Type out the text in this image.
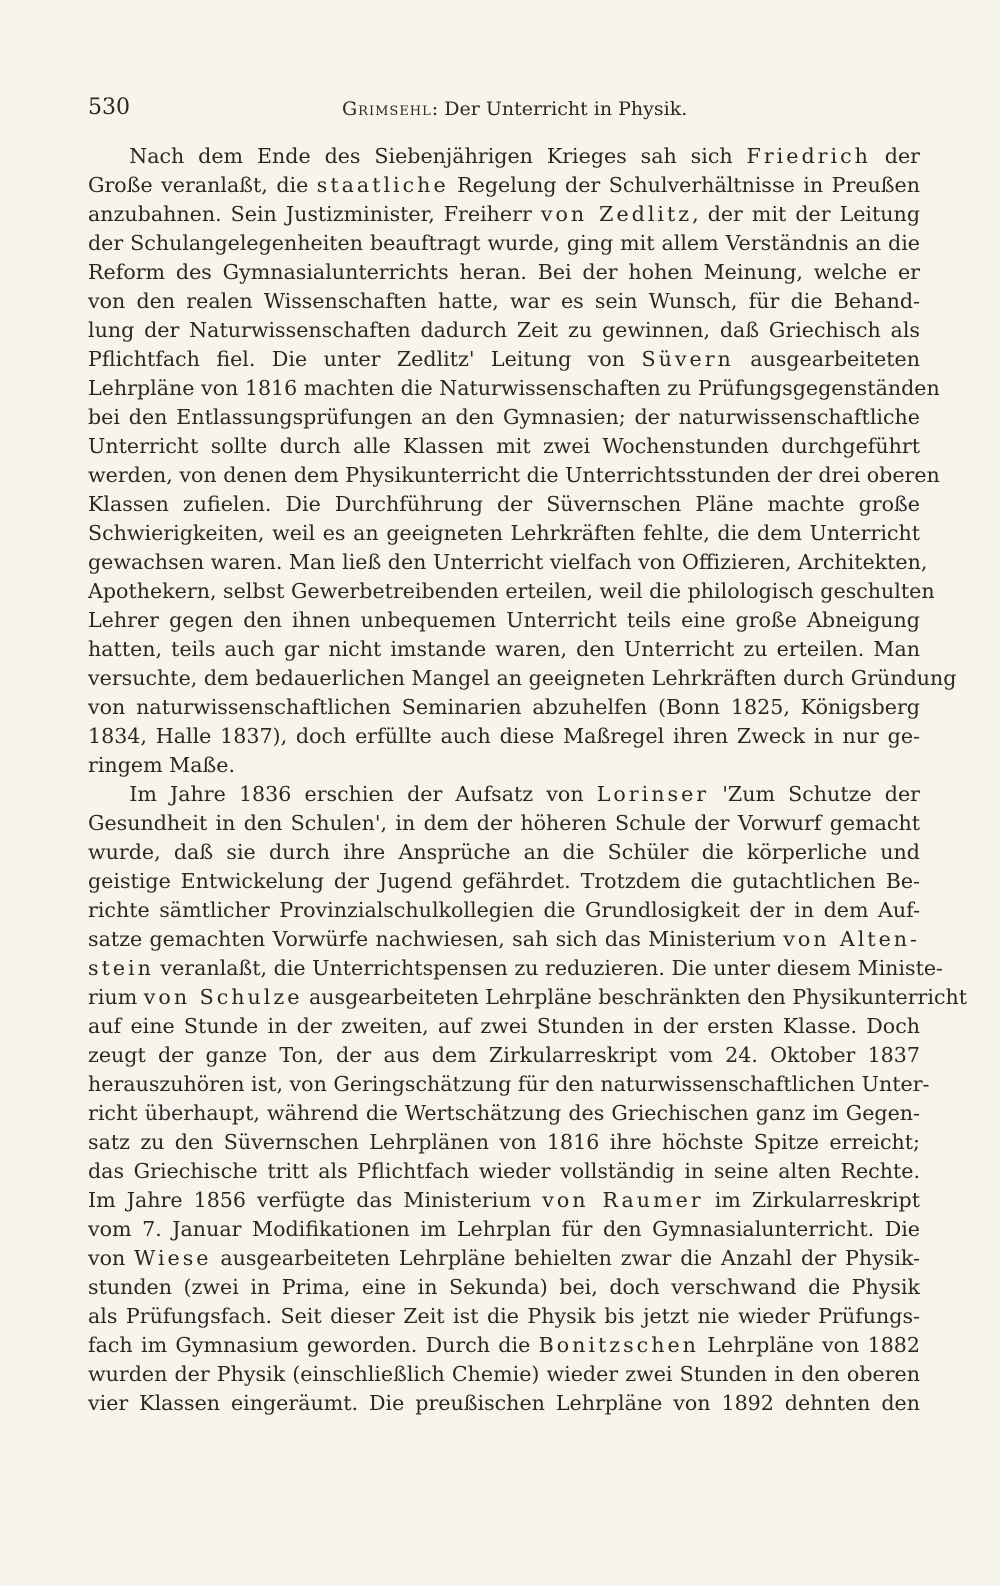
530	Grimsehl: Der Unterricht in Physik.
  Nach dem Ende des Siebenjährigen Krieges sah sich Friedrich der
Große veranlaßt, die staatliche Regelung der Schulverhältnisse in Preußen
anzubahnen. Sein Justizminister, Freiherr von Zedlitz, der mit der Leitung
der Schulangelegenheiten beauftragt wurde, ging mit allem Verständnis an die
Reform des Gymnasialunterrichts heran. Bei der hohen Meinung, welche er
von den realen Wissenschaften hatte, war es sein Wunsch, für die Behand-
lung der Naturwissenschaften dadurch Zeit zu gewinnen, daß Griechisch als
Pflichtfach fiel. Die unter Zedlitz' Leitung von Süvern ausgearbeiteten
Lehrpläne von 1816 machten die Naturwissenschaften zu Prüfungsgegenständen
bei den Entlassungsprüfungen an den Gymnasien; der naturwissenschaftliche
Unterricht sollte durch alle Klassen mit zwei Wochenstunden durchgeführt
werden, von denen dem Physikunterricht die Unterrichtsstunden der drei oberen
Klassen zufielen. Die Durchführung der Süvernschen Pläne machte große
Schwierigkeiten, weil es an geeigneten Lehrkräften fehlte, die dem Unterricht
gewachsen waren. Man ließ den Unterricht vielfach von Offizieren, Architekten,
Apothekern, selbst Gewerbetreibenden erteilen, weil die philologisch geschulten
Lehrer gegen den ihnen unbequemen Unterricht teils eine große Abneigung
hatten, teils auch gar nicht imstande waren, den Unterricht zu erteilen. Man
versuchte, dem bedauerlichen Mangel an geeigneten Lehrkräften durch Gründung
von naturwissenschaftlichen Seminarien abzuhelfen (Bonn 1825, Königsberg
1834, Halle 1837), doch erfüllte auch diese Maßregel ihren Zweck in nur ge-
ringem Maße.
  Im Jahre 1836 erschien der Aufsatz von Lorinser 'Zum Schutze der
Gesundheit in den Schulen', in dem der höheren Schule der Vorwurf gemacht
wurde, daß sie durch ihre Ansprüche an die Schüler die körperliche und
geistige Entwickelung der Jugend gefährdet. Trotzdem die gutachtlichen Be-
richte sämtlicher Provinzialschulkollegien die Grundlosigkeit der in dem Auf-
satze gemachten Vorwürfe nachwiesen, sah sich das Ministerium von Alten-
stein veranlaßt, die Unterrichtspensen zu reduzieren. Die unter diesem Ministe-
rium von Schulze ausgearbeiteten Lehrpläne beschränkten den Physikunterricht
auf eine Stunde in der zweiten, auf zwei Stunden in der ersten Klasse. Doch
zeugt der ganze Ton, der aus dem Zirkularreskript vom 24. Oktober 1837
herauszuhören ist, von Geringschätzung für den naturwissenschaftlichen Unter-
richt überhaupt, während die Wertschätzung des Griechischen ganz im Gegen-
satz zu den Süvernschen Lehrplänen von 1816 ihre höchste Spitze erreicht;
das Griechische tritt als Pflichtfach wieder vollständig in seine alten Rechte.
Im Jahre 1856 verfügte das Ministerium von Raumer im Zirkularreskript
vom 7. Januar Modifikationen im Lehrplan für den Gymnasialunterricht. Die
von Wiese ausgearbeiteten Lehrpläne behielten zwar die Anzahl der Physik-
stunden (zwei in Prima, eine in Sekunda) bei, doch verschwand die Physik
als Prüfungsfach. Seit dieser Zeit ist die Physik bis jetzt nie wieder Prüfungs-
fach im Gymnasium geworden. Durch die Bonitzschen Lehrpläne von 1882
wurden der Physik (einschließlich Chemie) wieder zwei Stunden in den oberen
vier Klassen eingeräumt. Die preußischen Lehrpläne von 1892 dehnten den
